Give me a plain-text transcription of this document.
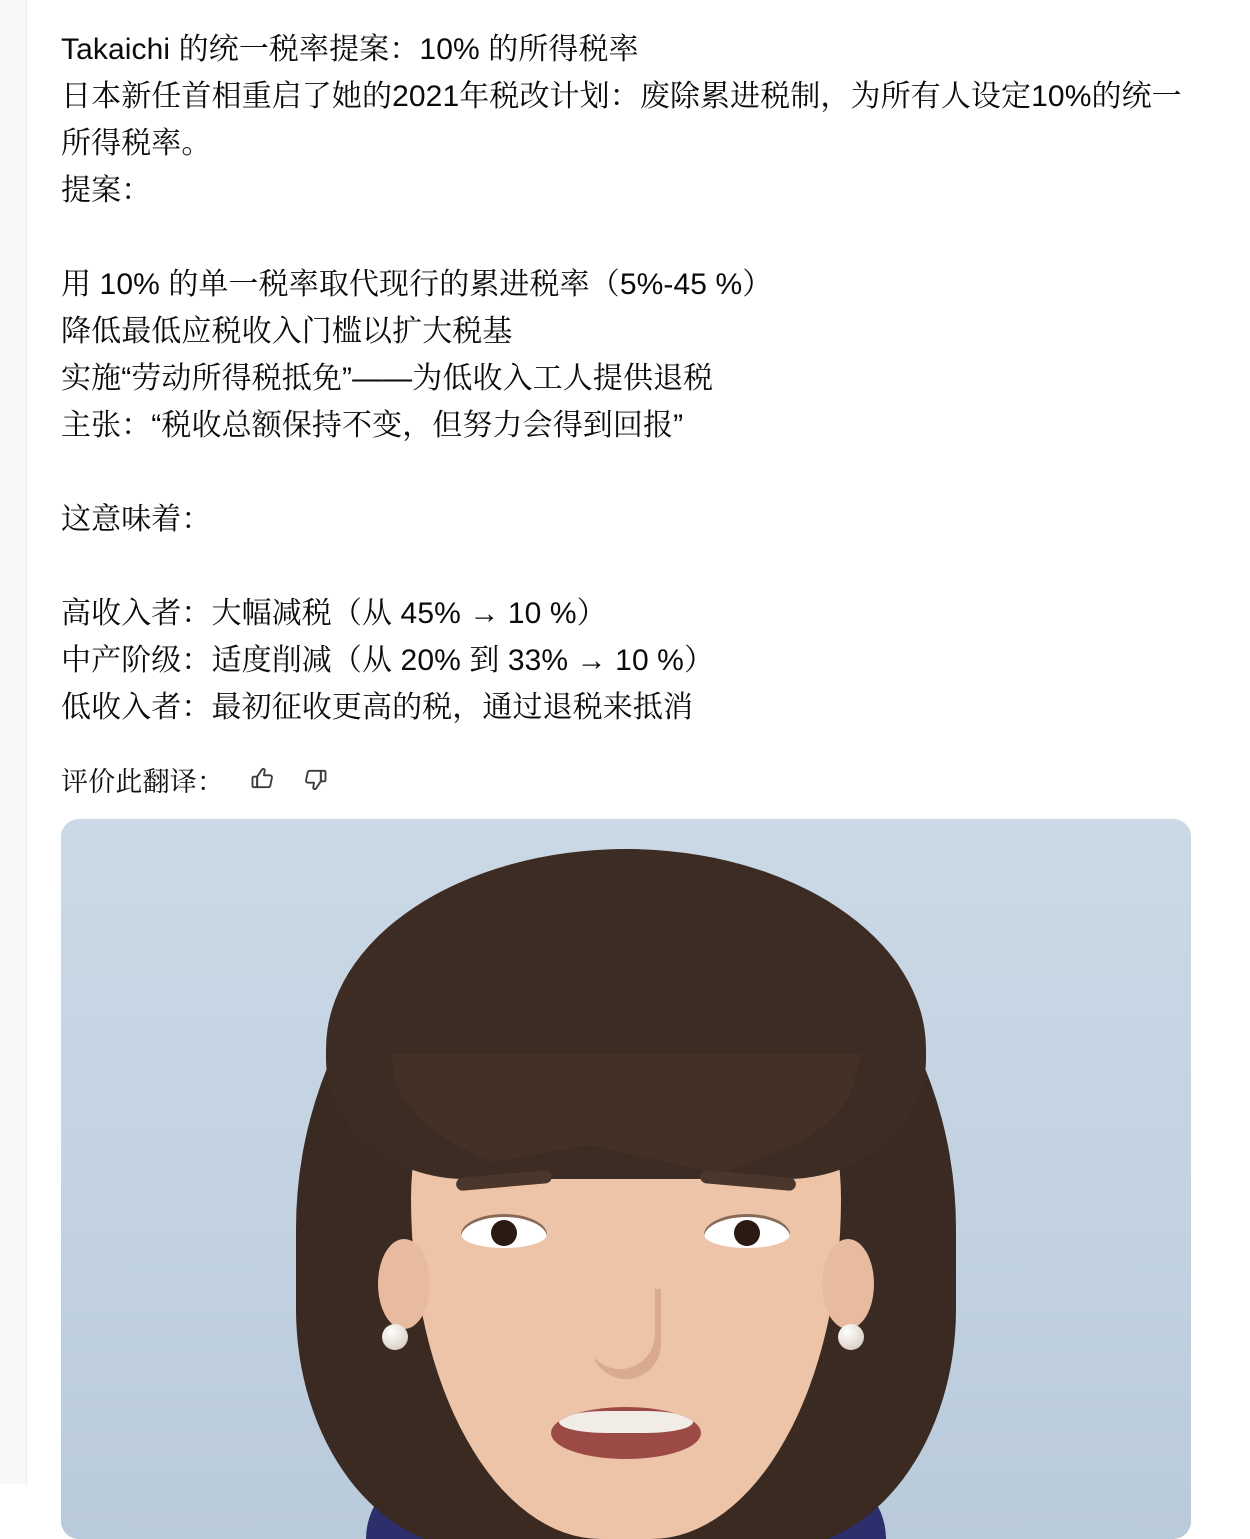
Takaichi 的统一税率提案：10% 的所得税率

日本新任首相重启了她的2021年税改计划：废除累进税制，为所有人设定10%的统一所得税率。

提案：

用 10% 的单一税率取代现行的累进税率（5%-45 %）

降低最低应税收入门槛以扩大税基

实施“劳动所得税抵免”——为低收入工人提供退税

主张：“税收总额保持不变，但努力会得到回报”

这意味着：

高收入者：大幅减税（从 45% → 10 %）

中产阶级：适度削减（从 20% 到 33% → 10 %）

低收入者：最初征收更高的税，通过退税来抵消

评价此翻译：
